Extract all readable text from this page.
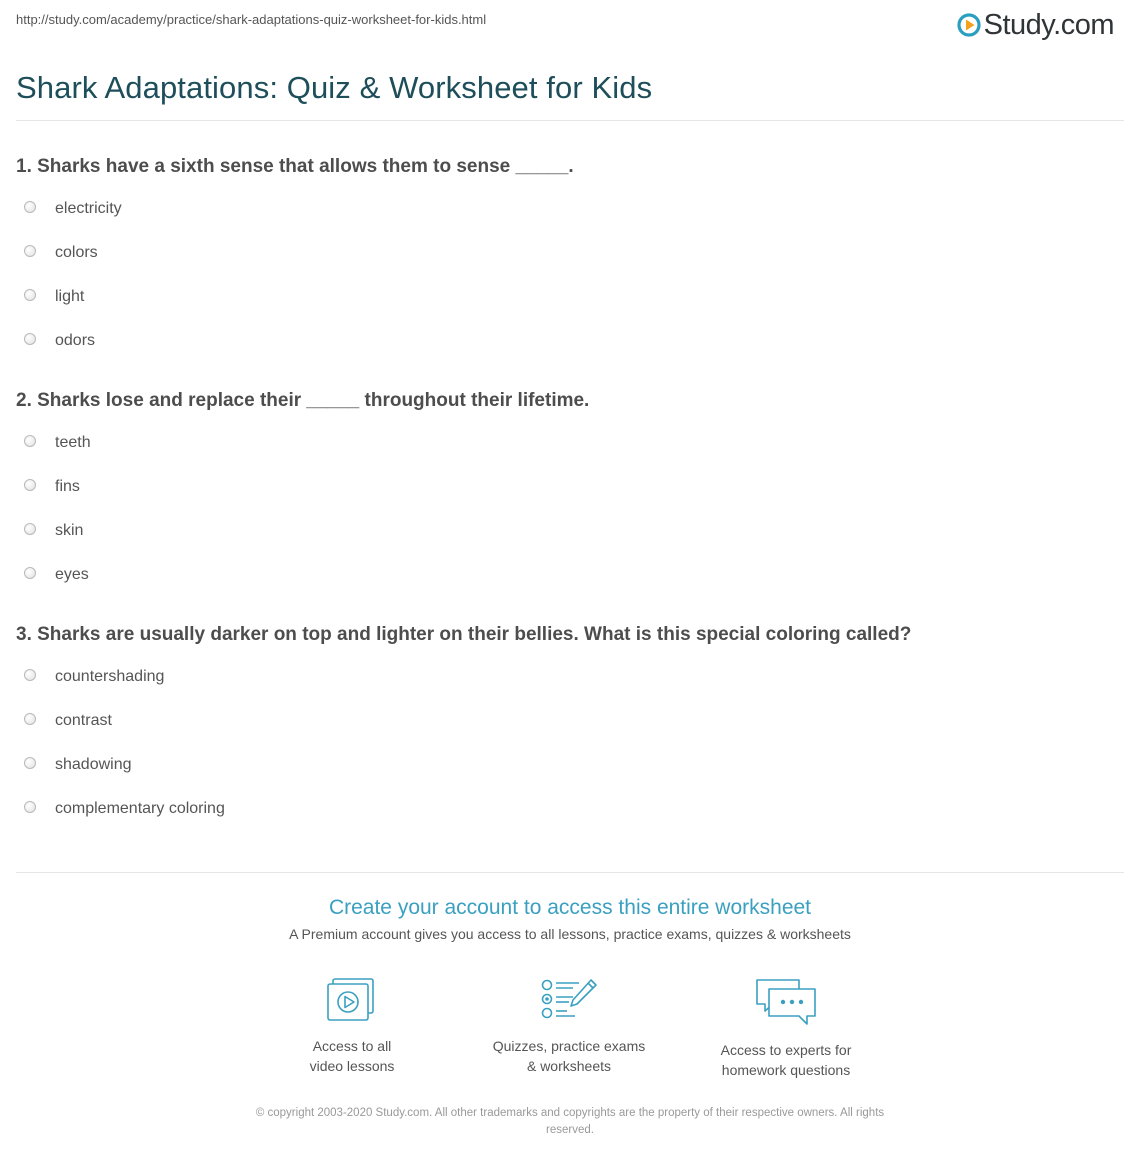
http://study.com/academy/practice/shark-adaptations-quiz-worksheet-for-kids.html	Study.com
Shark Adaptations: Quiz & Worksheet for Kids

1. Sharks have a sixth sense that allows them to sense _____.

electricity
colors
light
odors

2. Sharks lose and replace their _____ throughout their lifetime.

teeth
fins
skin
eyes

3. Sharks are usually darker on top and lighter on their bellies. What is this special coloring called?

countershading
contrast
shadowing
complementary coloring
Create your account to access this entire worksheet
A Premium account gives you access to all lessons, practice exams, quizzes & worksheets
Access to all
video lessons
Quizzes, practice exams
& worksheets
Access to experts for
homework questions
© copyright 2003-2020 Study.com. All other trademarks and copyrights are the property of their respective owners. All rights
reserved.
